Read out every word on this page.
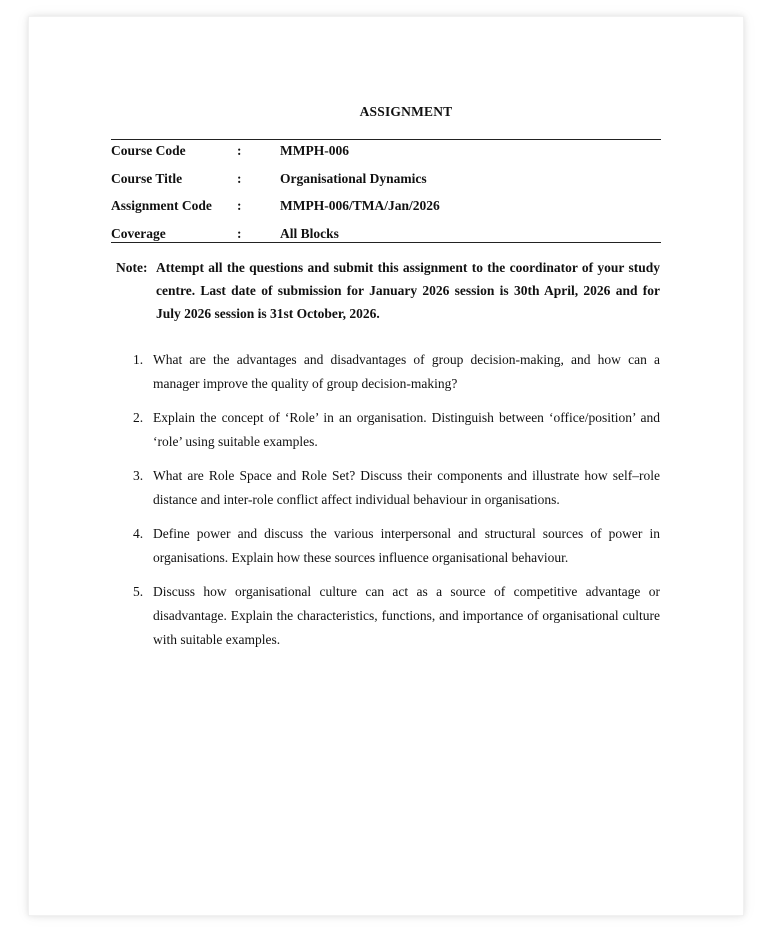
ASSIGNMENT
Course Code	:	MMPH-006
Course Title	:	Organisational Dynamics
Assignment Code :	MMPH-006/TMA/Jan/2026
Coverage	:	All Blocks
Note: Attempt all the questions and submit this assignment to the coordinator of your study centre. Last date of submission for January 2026 session is 30th April, 2026 and for July 2026 session is 31st October, 2026.
1. What are the advantages and disadvantages of group decision-making, and how can a manager improve the quality of group decision-making?
2. Explain the concept of ‘Role’ in an organisation. Distinguish between ‘office/position’ and ‘role’ using suitable examples.
3. What are Role Space and Role Set? Discuss their components and illustrate how self–role distance and inter-role conflict affect individual behaviour in organisations.
4. Define power and discuss the various interpersonal and structural sources of power in organisations. Explain how these sources influence organisational behaviour.
5. Discuss how organisational culture can act as a source of competitive advantage or disadvantage. Explain the characteristics, functions, and importance of organisational culture with suitable examples.
